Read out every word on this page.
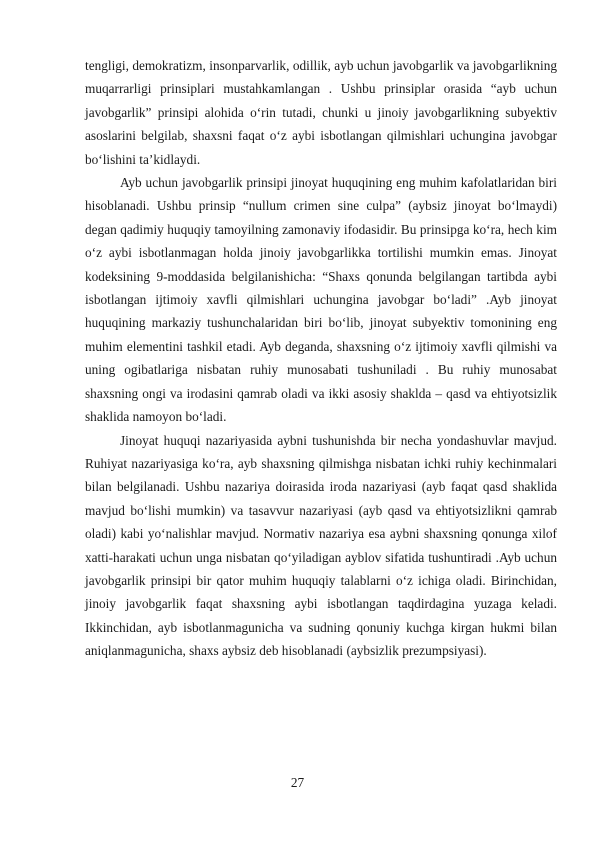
tengligi, demokratizm, insonparvarlik, odillik, ayb uchun javobgarlik va javobgarlikning muqarrarligi prinsiplari mustahkamlangan . Ushbu prinsiplar orasida “ayb uchun javobgarlik” prinsipi alohida o‘rin tutadi, chunki u jinoiy javobgarlikning subyektiv asoslarini belgilab, shaxsni faqat o‘z aybi isbotlangan qilmishlari uchungina javobgar bo‘lishini ta’kidlaydi.

Ayb uchun javobgarlik prinsipi jinoyat huquqining eng muhim kafolatlaridan biri hisoblanadi. Ushbu prinsip “nullum crimen sine culpa” (aybsiz jinoyat bo‘lmaydi) degan qadimiy huquqiy tamoyilning zamonaviy ifodasidir. Bu prinsipga ko‘ra, hech kim o‘z aybi isbotlanmagan holda jinoiy javobgarlikka tortilishi mumkin emas. Jinoyat kodeksining 9-moddasida belgilanishicha: “Shaxs qonunda belgilangan tartibda aybi isbotlangan ijtimoiy xavfli qilmishlari uchungina javobgar bo‘ladi” .Ayb jinoyat huquqining markaziy tushunchalaridan biri bo‘lib, jinoyat subyektiv tomonining eng muhim elementini tashkil etadi. Ayb deganda, shaxsning o‘z ijtimoiy xavfli qilmishi va uning ogibatlariga nisbatan ruhiy munosabati tushuniladi . Bu ruhiy munosabat shaxsning ongi va irodasini qamrab oladi va ikki asosiy shaklda – qasd va ehtiyotsizlik shaklida namoyon bo‘ladi.

Jinoyat huquqi nazariyasida aybni tushunishda bir necha yondashuvlar mavjud. Ruhiyat nazariyasiga ko‘ra, ayb shaxsning qilmishga nisbatan ichki ruhiy kechinmalari bilan belgilanadi. Ushbu nazariya doirasida iroda nazariyasi (ayb faqat qasd shaklida mavjud bo‘lishi mumkin) va tasavvur nazariyasi (ayb qasd va ehtiyotsizlikni qamrab oladi) kabi yo‘nalishlar mavjud. Normativ nazariya esa aybni shaxsning qonunga xilof xatti-harakati uchun unga nisbatan qo‘yiladigan ayblov sifatida tushuntiradi .Ayb uchun javobgarlik prinsipi bir qator muhim huquqiy talablarni o‘z ichiga oladi. Birinchidan, jinoiy javobgarlik faqat shaxsning aybi isbotlangan taqdirdagina yuzaga keladi. Ikkinchidan, ayb isbotlanmagunicha va sudning qonuniy kuchga kirgan hukmi bilan aniqlanmagunicha, shaxs aybsiz deb hisoblanadi (aybsizlik prezumpsiyasi).

27
